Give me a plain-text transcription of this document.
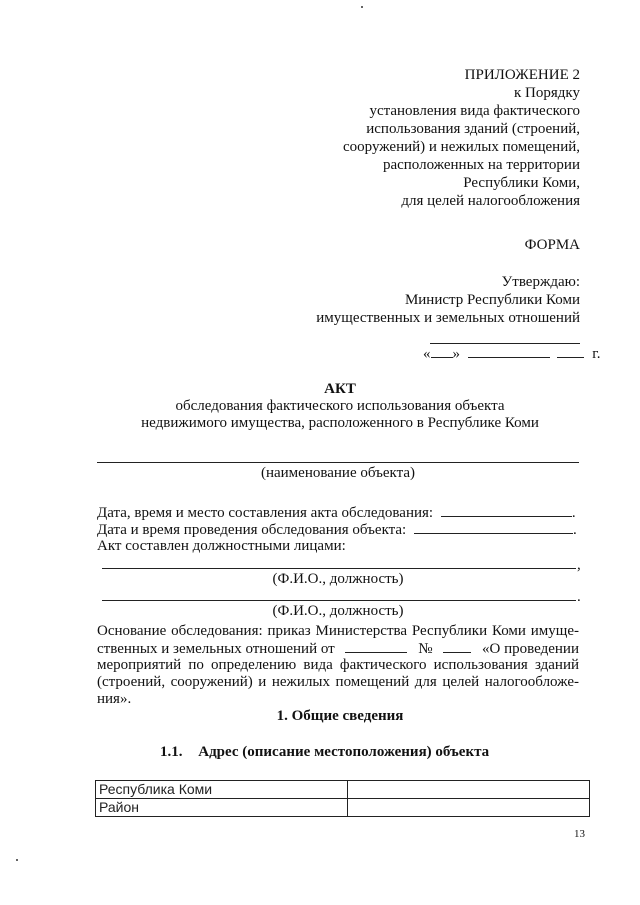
ПРИЛОЖЕНИЕ 2
к Порядку
установления вида фактического
использования зданий (строений,
сооружений) и нежилых помещений,
расположенных на территории
Республики Коми,
для целей налогообложения
ФОРМА
Утверждаю:
Министр Республики Коми
имущественных и земельных отношений
« »	г.
АКТ
обследования фактического использования объекта
недвижимого имущества, расположенного в Республике Коми
(наименование объекта)
Дата, время и место составления акта обследования:	.
Дата и время проведения обследования объекта:	.
Акт составлен должностными лицами:
,
(Ф.И.О., должность)
.
(Ф.И.О., должность)
Основание обследования: приказ Министерства Республики Коми имуще-
ственных и земельных отношений от	№	«О проведении
мероприятий по определению вида фактического использования зданий
(строений, сооружений) и нежилых помещений для целей налогообложе-
ния».
1. Общие сведения
1.1. Адрес (описание местоположения) объекта
Республика Коми	
Район	
13
